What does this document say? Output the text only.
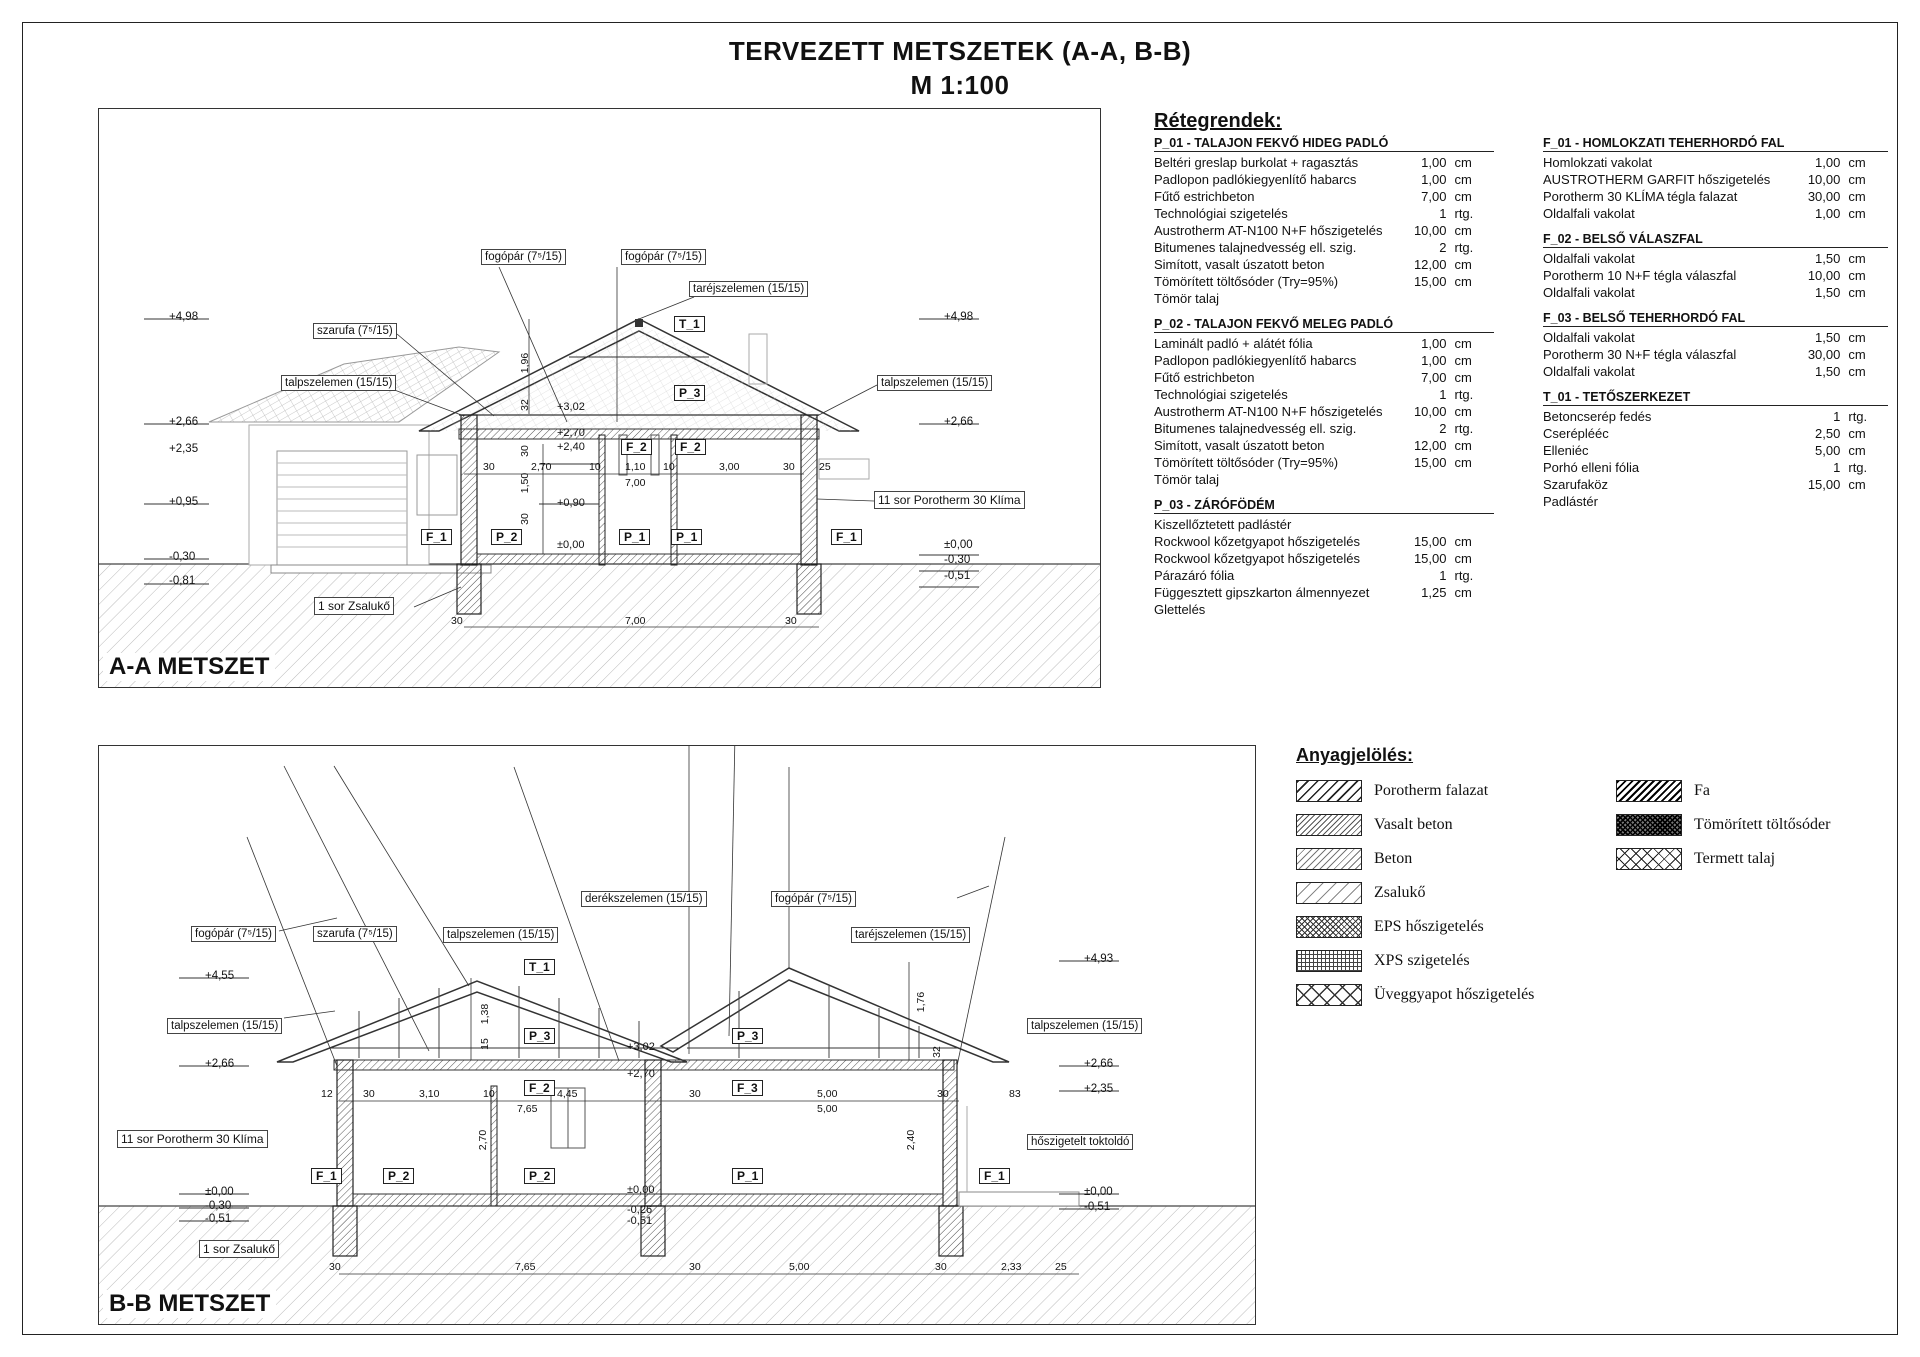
TERVEZETT METSZETEK (A-A, B-B)
M 1:100
fogópár (7⁵/15)	fogópár (7⁵/15)
taréjszelemen (15/15)
szarufa (7⁵/15)
talpszelemen (15/15)	talpszelemen (15/15)
11 sor Porotherm 30 Klíma
1 sor Zsalukő
T_1
P_3
F_2	F_2
F_1	P_2	P_1	P_1	F_1
+4,98	+4,98
+2,66	+2,66
+2,35
+0,95
-0,30
-0,81
+3,02
+2,70
+2,40
+0,90
±0,00	±0,00
-0,30
-0,51
30	2,70	10 1,10 10	3,00	30 25
7,00
1,96
32
30
1,50
30
30	7,00	30
A-A METSZET
fogópár (7⁵/15)	szarufa (7⁵/15)	talpszelemen (15/15)
derékszelemen (15/15)	fogópár (7⁵/15)
taréjszelemen (15/15)
talpszelemen (15/15)	talpszelemen (15/15)
11 sor Porotherm 30 Klíma	hőszigetelt toktoldó
1 sor Zsalukő
T_1
P_3	P_3
F_2	F_3
F_1	P_2	P_2	P_1	F_1
+4,55
+4,93
+2,66	+2,66
+2,35
±0,00
-0,30
-0,51
+3,02
+2,70
±0,00
-0,26
-0,51
±0,00
-0,51
12	30	3,10	10
7,65
4,45	30	5,00
5,00
30
32
83
1,38
15
1,76
2,70	2,40
30	7,65	30	5,00	30	2,33	25
B-B METSZET
Rétegrendek:
P_01 - TALAJON FEKVŐ HIDEG PADLÓ
Beltéri greslap burkolat + ragasztás	1,00 cm
Padlopon padlókiegyenlítő habarcs	1,00 cm
Fűtő estrichbeton	7,00 cm
Technológiai szigetelés	1 rtg.
Austrotherm AT-N100 N+F hőszigetelés	10,00 cm
Bitumenes talajnedvesség ell. szig.	2 rtg.
Simított, vasalt úszatott beton	12,00 cm
Tömörített töltősóder (Try=95%)	15,00 cm
Tömör talaj
P_02 - TALAJON FEKVŐ MELEG PADLÓ
Laminált padló + alátét fólia	1,00 cm
Padlopon padlókiegyenlítő habarcs	1,00 cm
Fűtő estrichbeton	7,00 cm
Technológiai szigetelés	1 rtg.
Austrotherm AT-N100 N+F hőszigetelés	10,00 cm
Bitumenes talajnedvesség ell. szig.	2 rtg.
Simított, vasalt úszatott beton	12,00 cm
Tömörített töltősóder (Try=95%)	15,00 cm
Tömör talaj
P_03 - ZÁRÓFÖDÉM
Kiszellőztetett padlástér
Rockwool kőzetgyapot hőszigetelés	15,00 cm
Rockwool kőzetgyapot hőszigetelés	15,00 cm
Párazáró fólia	1 rtg.
Függesztett gipszkarton álmennyezet	1,25 cm
Glettelés
F_01 - HOMLOKZATI TEHERHORDÓ FAL
Homlokzati vakolat	1,00 cm
AUSTROTHERM GARFIT hőszigetelés	10,00 cm
Porotherm 30 KLÍMA tégla falazat	30,00 cm
Oldalfali vakolat	1,00 cm
F_02 - BELSŐ VÁLASZFAL
Oldalfali vakolat	1,50 cm
Porotherm 10 N+F tégla válaszfal	10,00 cm
Oldalfali vakolat	1,50 cm
F_03 - BELSŐ TEHERHORDÓ FAL
Oldalfali vakolat	1,50 cm
Porotherm 30 N+F tégla válaszfal	30,00 cm
Oldalfali vakolat	1,50 cm
T_01 - TETŐSZERKEZET
Betoncserép fedés	1 rtg.
Cseréplééc	2,50 cm
Elleniéc	5,00 cm
Porhó elleni fólia	1 rtg.
Szarufaköz	15,00 cm
Padlástér
Anyagjelölés:
Porotherm falazat
Vasalt beton
Beton
Zsalukő
EPS hőszigetelés
XPS szigetelés
Üveggyapot hőszigetelés
Fa
Tömörített töltősóder
Termett talaj
